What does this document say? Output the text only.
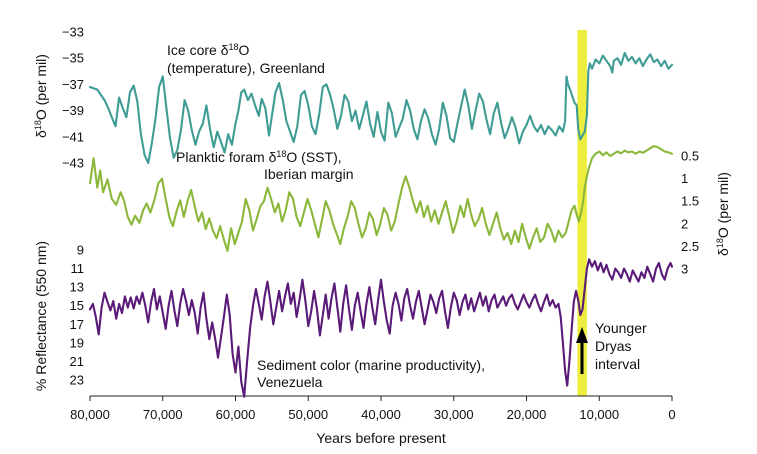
80,000	70,000	60,000	50,000	40,000	30,000	20,000	10,000	0
Years before present
−33
−35
−37
−39
−41
−43	0.5
1
1.5
2
2.5
3
9
11
13
15
17
19
21
23
$\delta^{18}O$ (per mil)
% Reflectance (550 nm)	$\delta^{18}O$ (per mil)
Ice core $\delta^{18}O$
(temperature), Greenland
Planktic foram $\delta^{18}O$ (SST),
Iberian margin
Sediment color (marine productivity),
Venezuela
Younger
Dryas
interval
